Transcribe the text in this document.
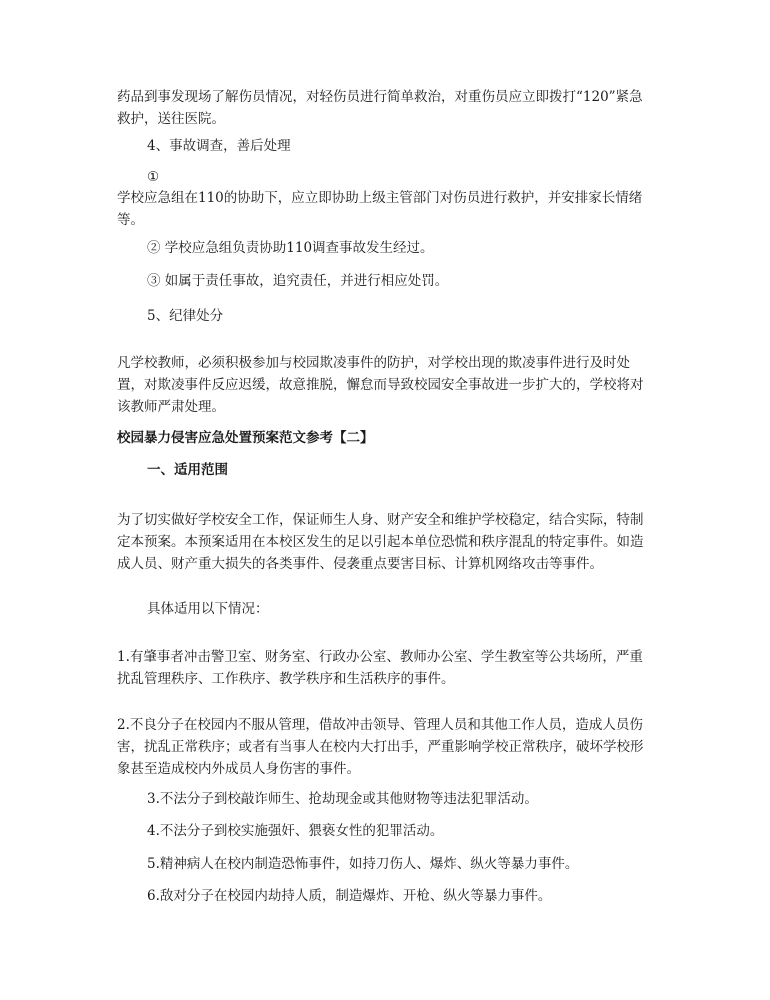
药品到事发现场了解伤员情况，对轻伤员进行简单救治，对重伤员应立即拨打“120”紧急救护，送往医院。

4、事故调查，善后处理

①

学校应急组在110的协助下，应立即协助上级主管部门对伤员进行救护，并安排家长情绪等。

② 学校应急组负责协助110调查事故发生经过。

③ 如属于责任事故，追究责任，并进行相应处罚。

5、纪律处分

凡学校教师，必须积极参加与校园欺凌事件的防护，对学校出现的欺凌事件进行及时处置，对欺凌事件反应迟缓，故意推脱，懈怠而导致校园安全事故进一步扩大的，学校将对该教师严肃处理。

校园暴力侵害应急处置预案范文参考【二】

一、适用范围

为了切实做好学校安全工作，保证师生人身、财产安全和维护学校稳定，结合实际，特制定本预案。本预案适用在本校区发生的足以引起本单位恐慌和秩序混乱的特定事件。如造成人员、财产重大损失的各类事件、侵袭重点要害目标、计算机网络攻击等事件。

具体适用以下情况：

1.有肇事者冲击警卫室、财务室、行政办公室、教师办公室、学生教室等公共场所，严重扰乱管理秩序、工作秩序、教学秩序和生活秩序的事件。

2.不良分子在校园内不服从管理，借故冲击领导、管理人员和其他工作人员，造成人员伤害，扰乱正常秩序；或者有当事人在校内大打出手，严重影响学校正常秩序，破坏学校形象甚至造成校内外成员人身伤害的事件。

3.不法分子到校敲诈师生、抢劫现金或其他财物等违法犯罪活动。

4.不法分子到校实施强奸、猥亵女性的犯罪活动。

5.精神病人在校内制造恐怖事件，如持刀伤人、爆炸、纵火等暴力事件。

6.敌对分子在校园内劫持人质，制造爆炸、开枪、纵火等暴力事件。
